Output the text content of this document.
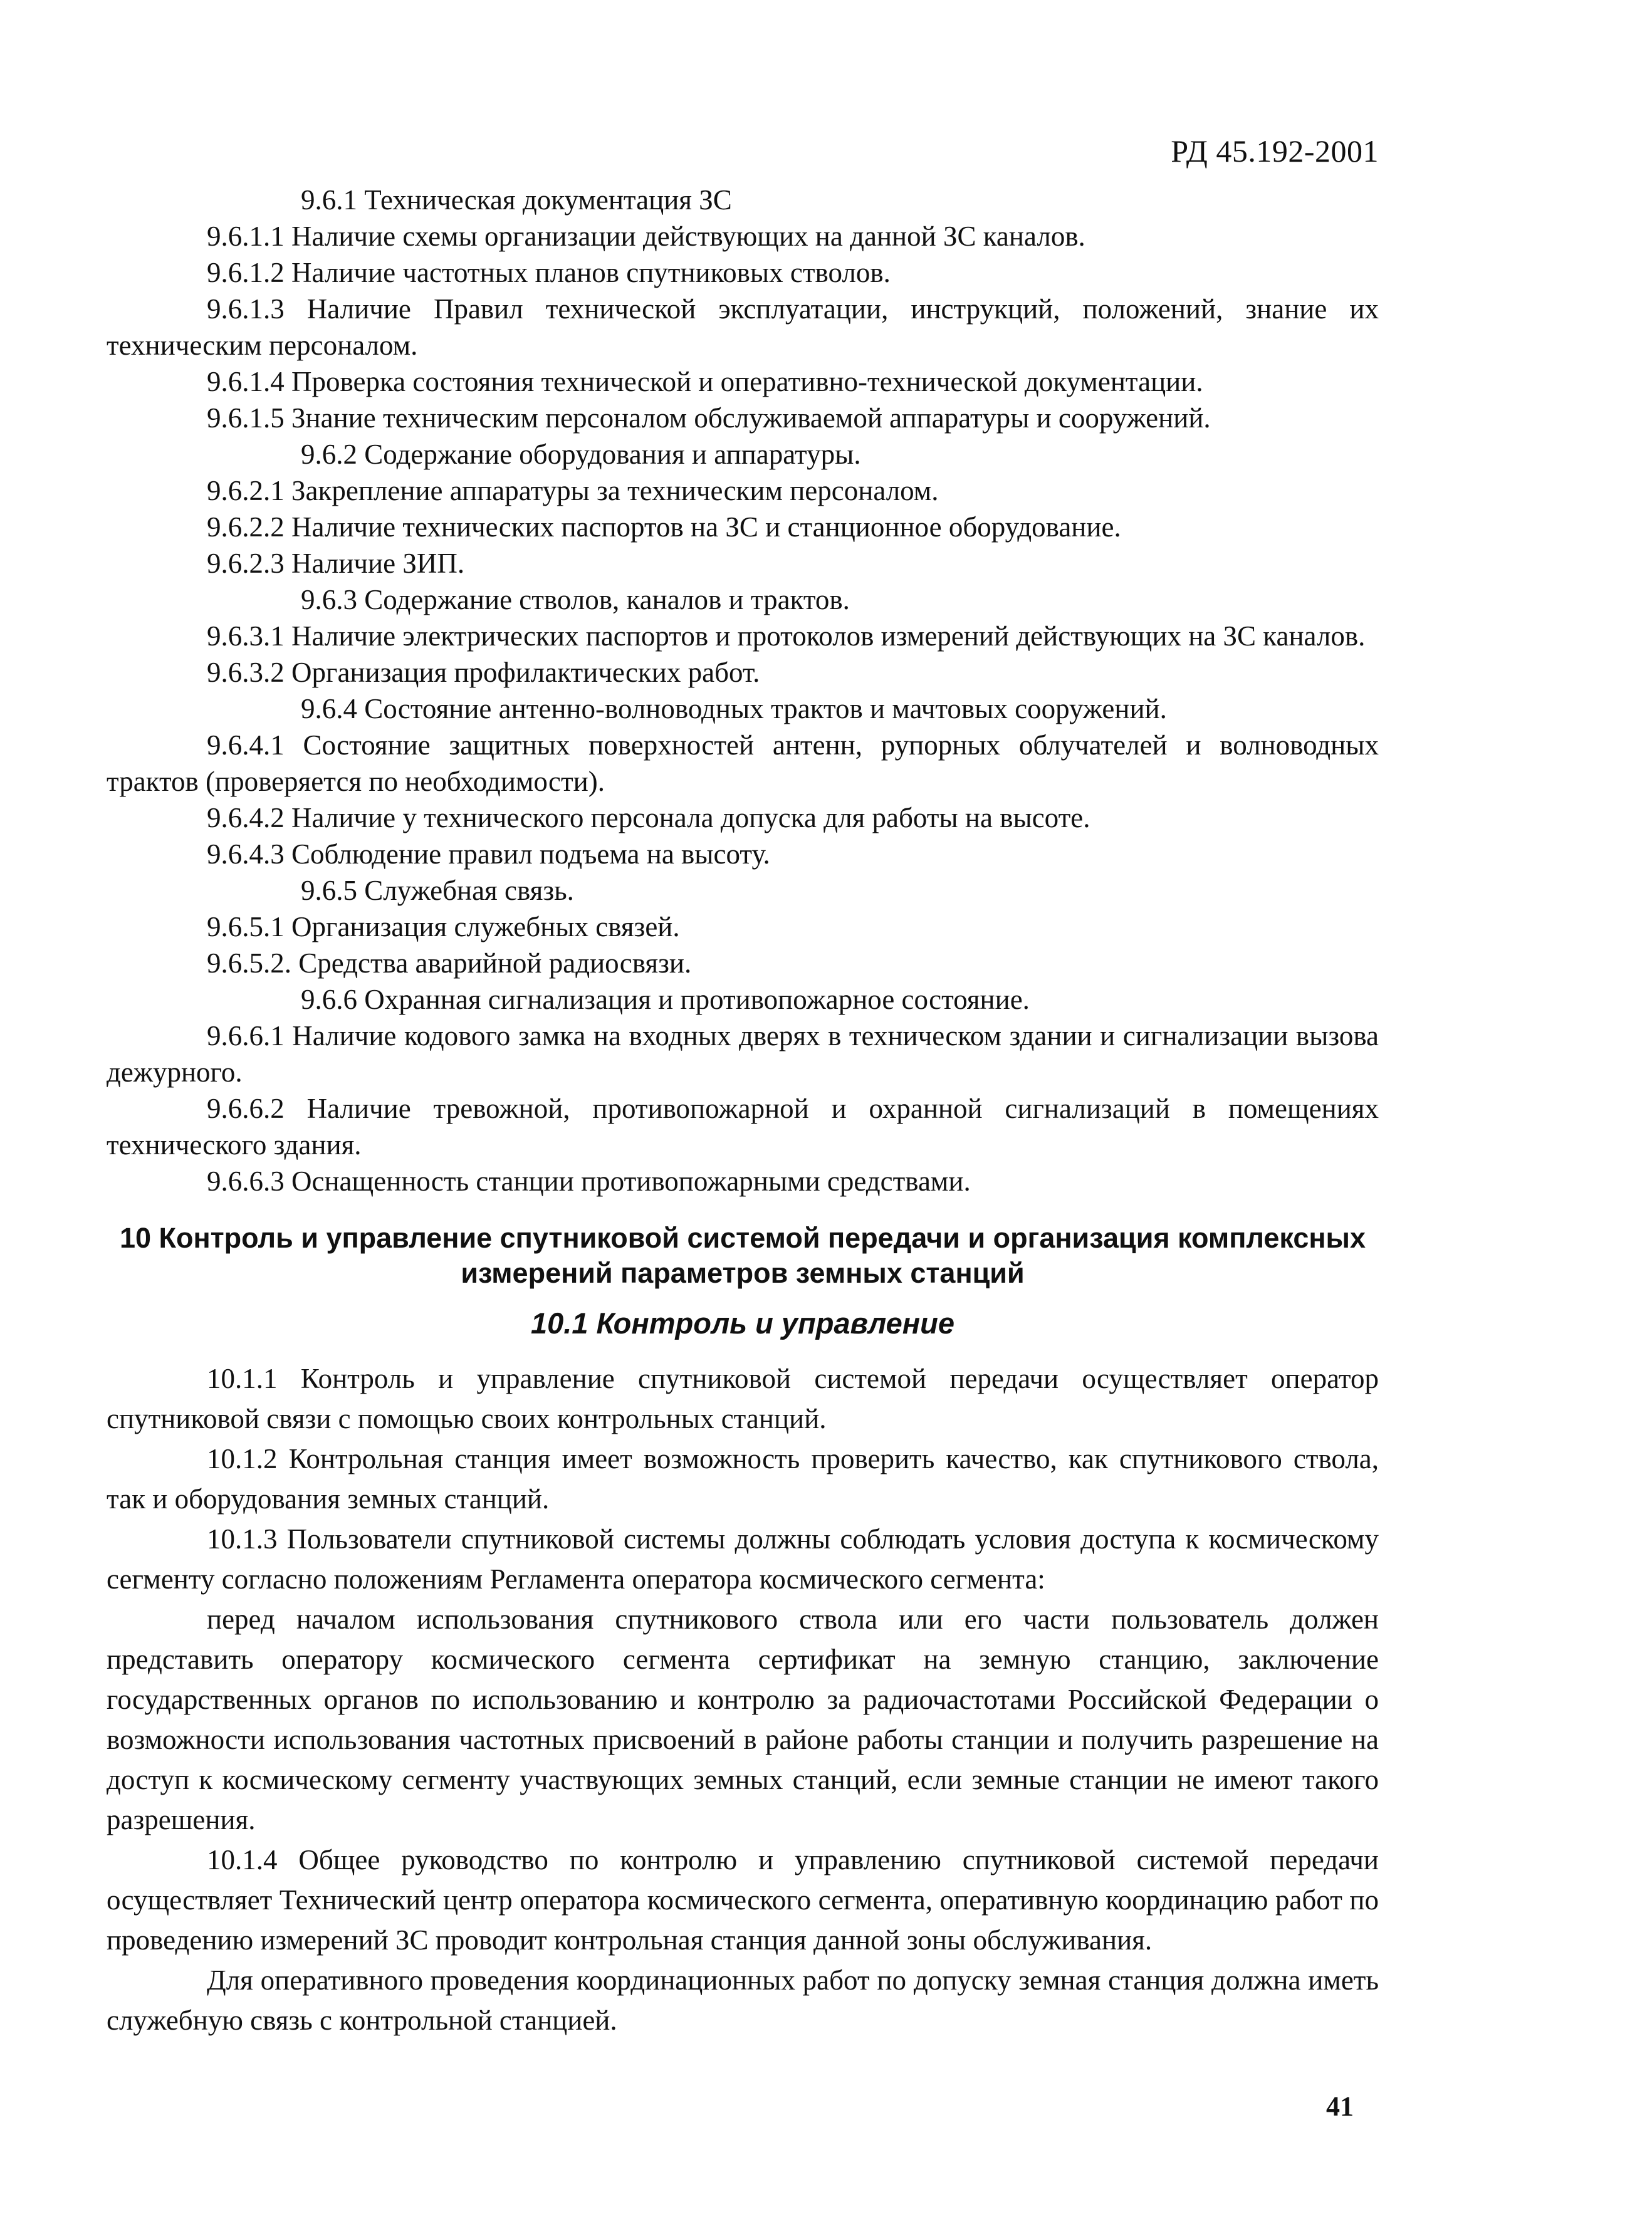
РД 45.192-2001

9.6.1 Техническая документация ЗС

9.6.1.1 Наличие схемы организации действующих на данной ЗС каналов.

9.6.1.2 Наличие частотных планов спутниковых стволов.

9.6.1.3 Наличие Правил технической эксплуатации, инструкций, положений, знание их техническим персоналом.

9.6.1.4 Проверка состояния технической и оперативно-технической документации.

9.6.1.5 Знание техническим персоналом обслуживаемой аппаратуры и сооружений.

9.6.2 Содержание оборудования и аппаратуры.

9.6.2.1 Закрепление аппаратуры за техническим персоналом.

9.6.2.2 Наличие технических паспортов на ЗС и станционное оборудование.

9.6.2.3 Наличие ЗИП.

9.6.3 Содержание стволов, каналов и трактов.

9.6.3.1 Наличие электрических паспортов и протоколов измерений действующих на ЗС каналов.

9.6.3.2 Организация профилактических работ.

9.6.4 Состояние антенно-волноводных трактов и мачтовых сооружений.

9.6.4.1 Состояние защитных поверхностей антенн, рупорных облучателей и волноводных трактов (проверяется по необходимости).

9.6.4.2 Наличие у технического персонала допуска для работы на высоте.

9.6.4.3 Соблюдение правил подъема на высоту.

9.6.5 Служебная связь.

9.6.5.1 Организация служебных связей.

9.6.5.2. Средства аварийной радиосвязи.

9.6.6 Охранная сигнализация и противопожарное состояние.

9.6.6.1 Наличие кодового замка на входных дверях в техническом здании и сигнализации вызова дежурного.

9.6.6.2 Наличие тревожной, противопожарной и охранной сигнализаций в помещениях технического здания.

9.6.6.3 Оснащенность станции противопожарными средствами.

10 Контроль и управление спутниковой системой передачи и организация комплексных измерений параметров земных станций
10.1 Контроль и управление

10.1.1 Контроль и управление спутниковой системой передачи осуществляет оператор спутниковой связи с помощью своих контрольных станций.

10.1.2 Контрольная станция имеет возможность проверить качество, как спутникового ствола, так и оборудования земных станций.

10.1.3 Пользователи спутниковой системы должны соблюдать условия доступа к космическому сегменту согласно положениям Регламента оператора космического сегмента:

перед началом использования спутникового ствола или его части пользователь должен представить оператору космического сегмента сертификат на земную станцию, заключение государственных органов по использованию и контролю за радиочастотами Российской Федерации о возможности использования частотных присвоений в районе работы станции и получить разрешение на доступ к космическому сегменту участвующих земных станций, если земные станции не имеют такого разрешения.

10.1.4 Общее руководство по контролю и управлению спутниковой системой передачи осуществляет Технический центр оператора космического сегмента, оперативную координацию работ по проведению измерений ЗС проводит контрольная станция данной зоны обслуживания.

Для оперативного проведения координационных работ по допуску земная станция должна иметь служебную связь с контрольной станцией.

41
